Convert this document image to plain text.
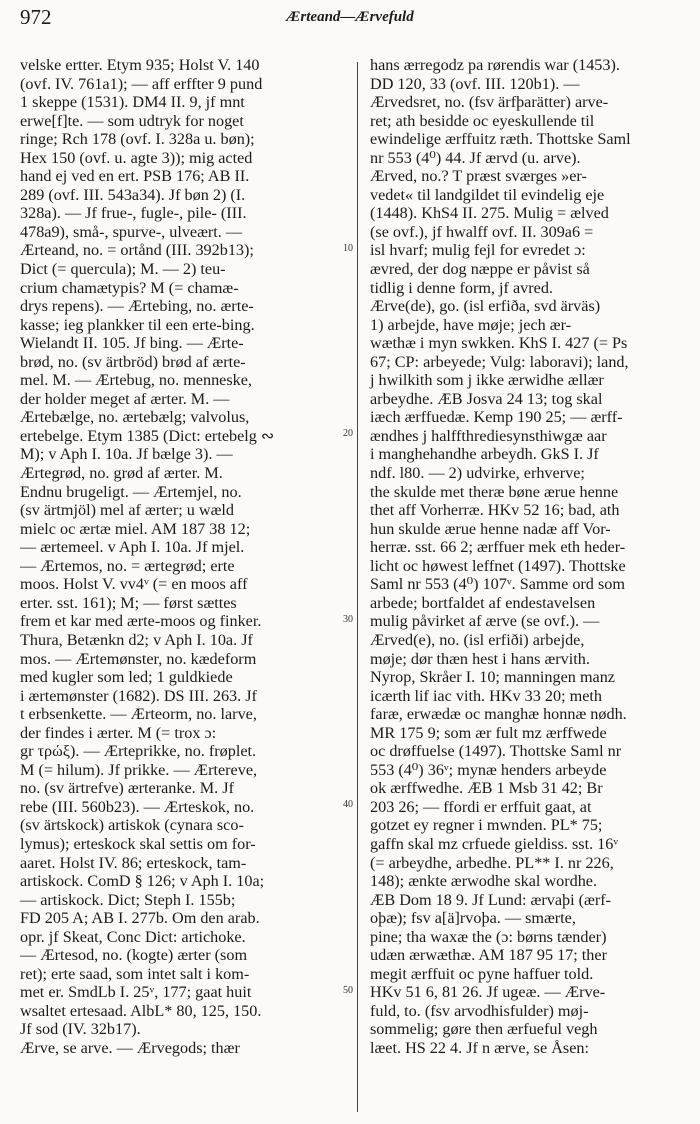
972	Ærteand—Ærvefuld
velske ertter. Etym 935; Holst V. 140
(ovf. IV. 761a1); — aff erffter 9 pund
1 skeppe (1531). DM4 II. 9, jf mnt
erwe[f]te. — som udtryk for noget
ringe; Rch 178 (ovf. I. 328a u. bøn);
Hex 150 (ovf. u. agte 3)); mig acted
hand ej ved en ert. PSB 176; AB II.
289 (ovf. III. 543a34). Jf bøn 2) (I.
328a). — Jf frue-, fugle-, pile- (III.
478a9), små-, spurve-, ulveært. —
Ærteand, no. = ortånd (III. 392b13);
Dict (= quercula); M. — 2) teu-
crium chamætypis? M (= chamæ-
drys repens). — Ærtebing, no. ærte-
kasse; ieg plankker til een erte-bing.
Wielandt II. 105. Jf bing. — Ærte-
brød, no. (sv ärtbröd) brød af ærte-
mel. M. — Ærtebug, no. menneske,
der holder meget af ærter. M. —
Ærtebælge, no. ærtebælg; valvolus,
ertebelge. Etym 1385 (Dict: ertebelg ∾
M); v Aph I. 10a. Jf bælge 3). —
Ærtegrød, no. grød af ærter. M.
Endnu brugeligt. — Ærtemjel, no.
(sv ärtmjöl) mel af ærter; u wæld
mielc oc ærtæ miel. AM 187 38 12;
— ærtemeel. v Aph I. 10a. Jf mjel.
— Ærtemos, no. = ærtegrød; erte
moos. Holst V. vv4ᵛ (= en moos aff
erter. sst. 161); M; — først sættes
frem et kar med ærte-moos og finker.
Thura, Betænkn d2; v Aph I. 10a. Jf
mos. — Ærtemønster, no. kædeform
med kugler som led; 1 guldkiede
i ærtemønster (1682). DS III. 263. Jf
t erbsenkette. — Ærteorm, no. larve,
der findes i ærter. M (= trox ɔ:
gr τρώξ). — Ærteprikke, no. frøplet.
M (= hilum). Jf prikke. — Ærtereve,
no. (sv ärtrefve) ærteranke. M. Jf
rebe (III. 560b23). — Ærteskok, no.
(sv ärtskock) artiskok (cynara sco-
lymus); erteskock skal settis om for-
aaret. Holst IV. 86; erteskock, tam-
artiskock. ComD § 126; v Aph I. 10a;
— artiskock. Dict; Steph I. 155b;
FD 205 A; AB I. 277b. Om den arab.
opr. jf Skeat, Conc Dict: artichoke.
— Ærtesod, no. (kogte) ærter (som
ret); erte saad, som intet salt i kom-
met er. SmdLb I. 25ᵛ, 177; gaat huit
wsaltet ertesaad. AlbL* 80, 125, 150.
Jf sod (IV. 32b17).
Ærve, se arve. — Ærvegods; thær
hans ærregodz pa rørendis war (1453).
DD 120, 33 (ovf. III. 120b1). —
Ærvedsret, no. (fsv ärfþarätter) arve-
ret; ath besidde oc eyeskullende til
ewindelige ærffuitz ræth. Thottske Saml
nr 553 (4⁰) 44. Jf ærvd (u. arve).
Ærved, no.? T præst sværges »er-
vedet« til landgildet til evindelig eje
(1448). KhS4 II. 275. Mulig = ælved
(se ovf.), jf hwalff ovf. II. 309a6 =
isl hvarf; mulig fejl for evredet ɔ:
ævred, der dog næppe er påvist så
tidlig i denne form, jf avred.
Ærve(de), go. (isl erfiða, svd ärväs)
1) arbejde, have møje; jech ær-
wæthæ i myn swkken. KhS I. 427 (= Ps
67; CP: arbeyede; Vulg: laboravi); land,
j hwilkith som j ikke ærwidhe ællær
arbeydhe. ÆB Josva 24 13; tog skal
iæch ærffuedæ. Kemp 190 25; — ærff-
ændhes j halffthrediesynsthiwgæ aar
i manghehandhe arbeydh. GkS I. Jf
ndf. l80. — 2) udvirke, erhverve;
the skulde met theræ bøne ærue henne
thet aff Vorherræ. HKv 52 16; bad, ath
hun skulde ærue henne nadæ aff Vor-
herræ. sst. 66 2; ærffuer mek eth heder-
licht oc høwest leffnet (1497). Thottske
Saml nr 553 (4⁰) 107ᵛ. Samme ord som
arbede; bortfaldet af endestavelsen
mulig påvirket af ærve (se ovf.). —
Ærved(e), no. (isl erfiði) arbejde,
møje; dør thæn hest i hans ærvith.
Nyrop, Skråer I. 10; manningen manz
icærth lif iac vith. HKv 33 20; meth
faræ, erwædæ oc manghæ honnæ nødh.
MR 175 9; som ær fult mz ærffwede
oc drøffuelse (1497). Thottske Saml nr
553 (4⁰) 36ᵛ; mynæ henders arbeyde
ok ærffwedhe. ÆB 1 Msb 31 42; Br
203 26; — ffordi er erffuit gaat, at
gotzet ey regner i mwnden. PL* 75;
gaffn skal mz crfuede gieldiss. sst. 16ᵛ
(= arbeydhe, arbedhe. PL** I. nr 226,
148); ænkte ærwodhe skal wordhe.
ÆB Dom 18 9. Jf Lund: ærvaþi (ærf-
oþæ); fsv a[ä]rvoþa. — smærte,
pine; tha waxæ the (ɔ: børns tænder)
udæn ærwæthæ. AM 187 95 17; ther
megit ærffuit oc pyne haffuer told.
HKv 51 6, 81 26. Jf ugeæ. — Ærve-
fuld, to. (fsv arvodhisfulder) møj-
sommelig; gøre then ærfueful vegh
læet. HS 22 4. Jf n ærve, se Åsen:
10
20
30
40
50
